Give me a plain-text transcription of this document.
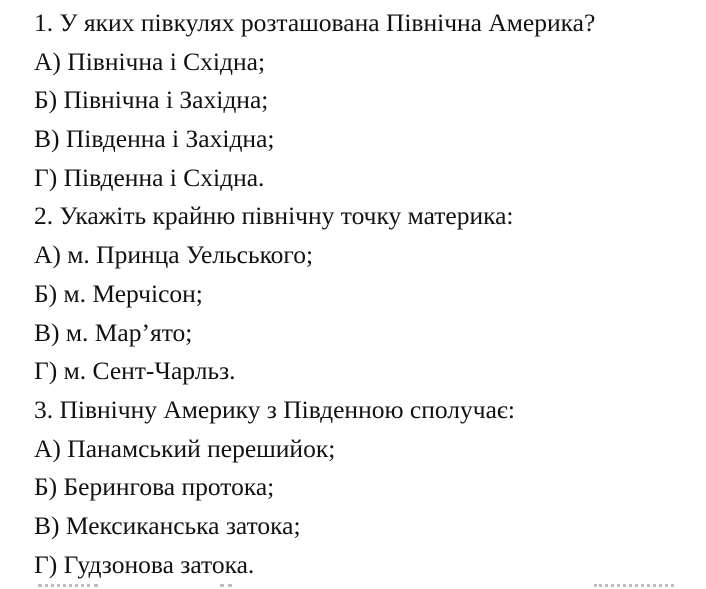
1. У яких півкулях розташована Північна Америка?
А) Північна і Східна;
Б) Північна і Західна;
В) Південна і Західна;
Г) Південна і Східна.
2. Укажіть крайню північну точку материка:
А) м. Принца Уельського;
Б) м. Мерчісон;
В) м. Мар’ято;
Г) м. Сент-Чарльз.
3. Північну Америку з Південною сполучає:
А) Панамський перешийок;
Б) Берингова протока;
В) Мексиканська затока;
Г) Гудзонова затока.
